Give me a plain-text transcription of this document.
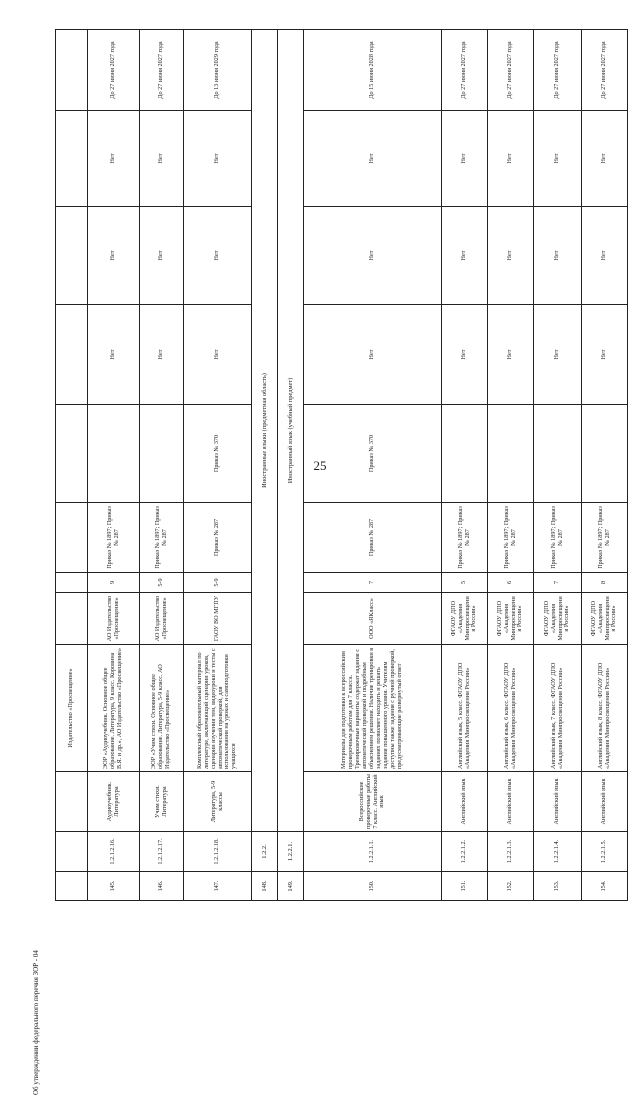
25
			Издательство «Просвещение»								
145.	1.2.1.2.16.	Аудиоучебник. Литература	ЭОР «Аудиоучебник. Основное общее образование. Литература, 9 класс. Коровина В.Я. и др.», АО Издательство «Просвещение»	АО Издательство «Просвещение»	9	Приказ № 1897; Приказ № 287		Нет	Нет	Нет	До 27 июня 2027 года
146.	1.2.1.2.17.	Учим стихи. Литература	ЭОР «Учим стихи. Основное общее образование. Литература, 5-9 класс. АО Издательство «Просвещение»	АО Издательство «Просвещение»	5-9	Приказ № 1897; Приказ № 287		Нет	Нет	Нет	До 27 июня 2027 года
147.	1.2.1.2.18.	Литература, 5-9 классы	Комплексный образовательный материал по литературе, включающий сценарии уроков, сценарии изучения тем, видеоуроки и тесты с автоматической проверкой, для использования на уроках и самоподготовки учащихся	ГАОУ ВО МГПУ	5-9	Приказ № 287	Приказ № 370	Нет	Нет	Нет	До 13 июня 2029 года
148.	1.2.2.	Иностранные языки (предметная область)									
149.	1.2.2.1.	Иностранный язык (учебный предмет)									
150.	1.2.2.1.1.	Всероссийские проверочные работы 7 класс. Английский язык	Материалы для подготовки к всероссийским проверочным работам для 7 класса. Тренировочные варианты содержат задания с автоматической проверкой и подробным объяснением решения. Наличие тренировки в заданиях позволяет находить и решать задания повышенного уровня. Учителям доступны также задания с ручной проверкой, предусматривающие развернутый ответ	ООО «ЯКласс»	7	Приказ № 287	Приказ № 370	Нет	Нет	Нет	До 15 июня 2028 года
151.	1.2.2.1.2.	Английский язык	Английский язык, 5 класс. ФГАОУ ДПО «Академия Минпросвещения России»	ФГАОУ ДПО «Академия Минпросвещения России»	5	Приказ № 1897; Приказ № 287		Нет	Нет	Нет	До 27 июня 2027 года
152.	1.2.2.1.3.	Английский язык	Английский язык, 6 класс. ФГАОУ ДПО «Академия Минпросвещения России»	ФГАОУ ДПО «Академия Минпросвещения России»	6	Приказ № 1897; Приказ № 287		Нет	Нет	Нет	До 27 июня 2027 года
153.	1.2.2.1.4.	Английский язык	Английский язык, 7 класс. ФГАОУ ДПО «Академия Минпросвещения России»	ФГАОУ ДПО «Академия Минпросвещения России»	7	Приказ № 1897; Приказ № 287		Нет	Нет	Нет	До 27 июня 2027 года
154.	1.2.2.1.5.	Английский язык	Английский язык, 8 класс. ФГАОУ ДПО «Академия Минпросвещения России»	ФГАОУ ДПО «Академия Минпросвещения России»	8	Приказ № 1897; Приказ № 287		Нет	Нет	Нет	До 27 июня 2027 года
Об утверждении федерального перечня ЗОР - 04
